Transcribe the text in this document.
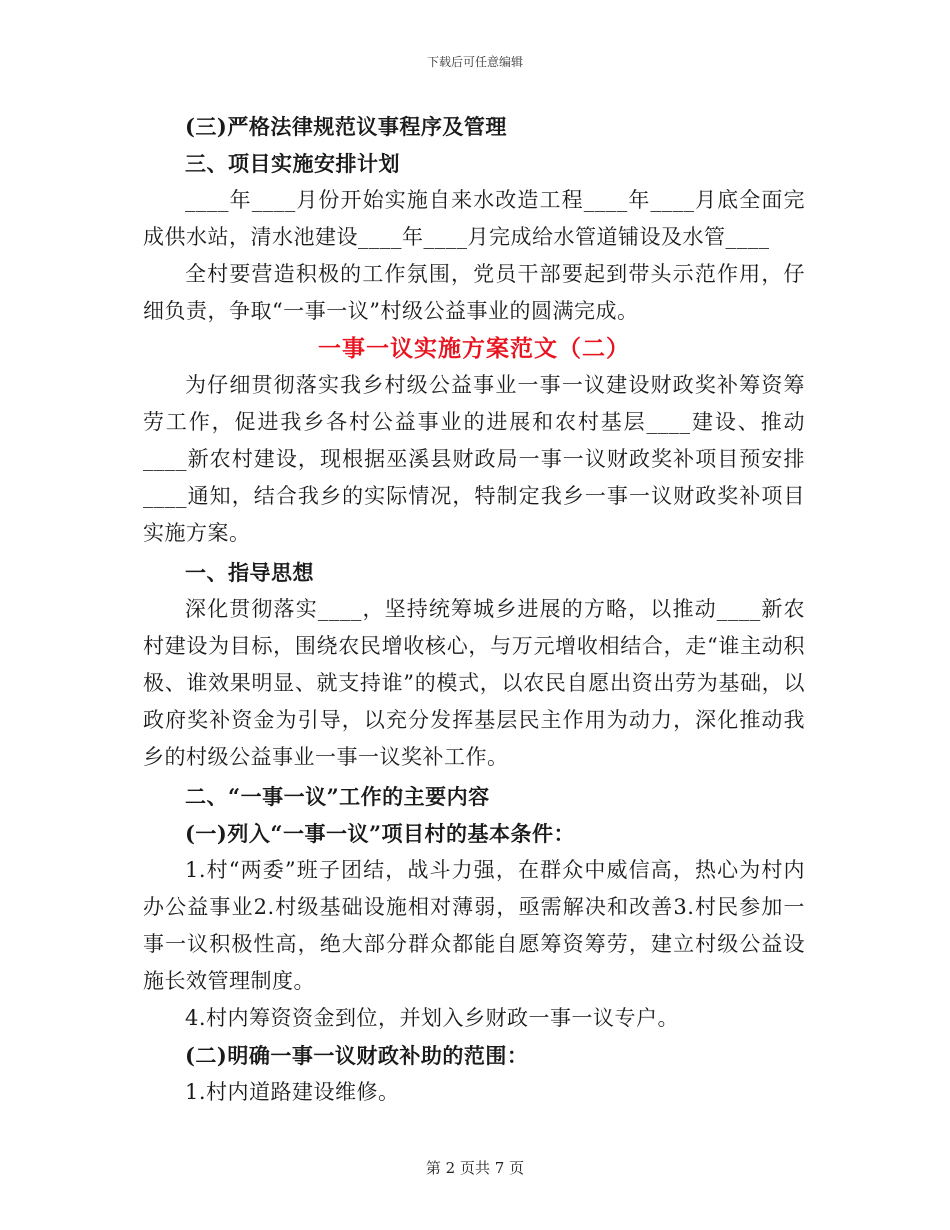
下载后可任意编辑
(三)严格法律规范议事程序及管理
三、项目实施安排计划

____年____月份开始实施自来水改造工程____年____月底全面完成供水站，清水池建设____年____月完成给水管道铺设及水管____

全村要营造积极的工作氛围，党员干部要起到带头示范作用，仔细负责，争取“一事一议”村级公益事业的圆满完成。

一事一议实施方案范文（二）

为仔细贯彻落实我乡村级公益事业一事一议建设财政奖补筹资筹劳工作，促进我乡各村公益事业的进展和农村基层____建设、推动____新农村建设，现根据巫溪县财政局一事一议财政奖补项目预安排____通知，结合我乡的实际情况，特制定我乡一事一议财政奖补项目实施方案。

一、指导思想

深化贯彻落实____，坚持统筹城乡进展的方略，以推动____新农村建设为目标，围绕农民增收核心，与万元增收相结合，走“谁主动积极、谁效果明显、就支持谁”的模式，以农民自愿出资出劳为基础，以政府奖补资金为引导，以充分发挥基层民主作用为动力，深化推动我乡的村级公益事业一事一议奖补工作。

二、“一事一议”工作的主要内容
(一)列入“一事一议”项目村的基本条件：

1.村“两委”班子团结，战斗力强，在群众中威信高，热心为村内办公益事业2.村级基础设施相对薄弱，亟需解决和改善3.村民参加一事一议积极性高，绝大部分群众都能自愿筹资筹劳，建立村级公益设施长效管理制度。

4.村内筹资资金到位，并划入乡财政一事一议专户。

(二)明确一事一议财政补助的范围：

1.村内道路建设维修。

第 2 页共 7 页
